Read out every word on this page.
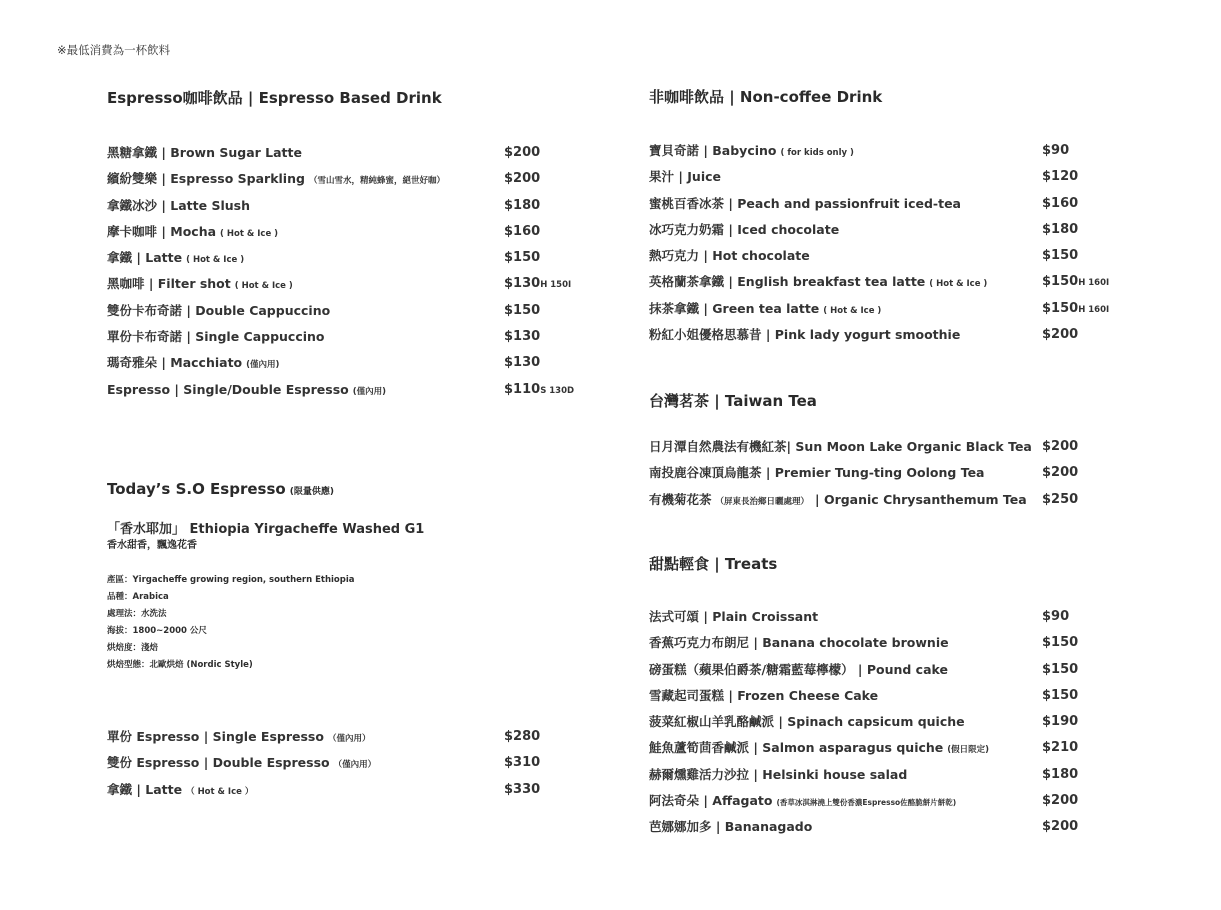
※最低消費為一杯飲料
Espresso咖啡飲品 | Espresso Based Drink
黑糖拿鐵 | Brown Sugar Latte	$200
繽紛雙樂 | Espresso Sparkling （雪山雪水，精純蜂蜜，絕世好咖）	$200
拿鐵冰沙 | Latte Slush	$180
摩卡咖啡 | Mocha ( Hot & Ice )	$160
拿鐵 | Latte ( Hot & Ice )	$150
黑咖啡 | Filter shot ( Hot & Ice )	$130H 150I
雙份卡布奇諾 | Double Cappuccino	$150
單份卡布奇諾 | Single Cappuccino	$130
瑪奇雅朵 | Macchiato (僅內用)	$130
Espresso | Single/Double Espresso (僅內用)	$110S 130D
Today’s S.O Espresso (限量供應)
「香水耶加」 Ethiopia Yirgacheffe Washed G1
香水甜香，飄逸花香
產區：Yirgacheffe growing region, southern Ethiopia
品種：Arabica
處理法：水洗法
海拔：1800~2000 公尺
烘焙度：淺焙
烘焙型態：北歐烘焙 (Nordic Style)
單份 Espresso | Single Espresso （僅內用）	$280
雙份 Espresso | Double Espresso （僅內用）	$310
拿鐵 | Latte （ Hot & Ice ）	$330
非咖啡飲品 | Non-coffee Drink
寶貝奇諾 | Babycino ( for kids only )	$90
果汁 | Juice	$120
蜜桃百香冰茶 | Peach and passionfruit iced-tea	$160
冰巧克力奶霜 | Iced chocolate	$180
熱巧克力 | Hot chocolate	$150
英格蘭茶拿鐵 | English breakfast tea latte ( Hot & Ice )	$150H 160I
抹茶拿鐵 | Green tea latte ( Hot & Ice )	$150H 160I
粉紅小姐優格思慕昔 | Pink lady yogurt smoothie	$200
台灣茗茶 | Taiwan Tea
日月潭自然農法有機紅茶| Sun Moon Lake Organic Black Tea $200
南投鹿谷凍頂烏龍茶 | Premier Tung-ting Oolong Tea	$200
有機菊花茶 （屏東長治鄉日曬處理） | Organic Chrysanthemum Tea $250
甜點輕食 | Treats
法式可頌 | Plain Croissant	$90
香蕉巧克力布朗尼 | Banana chocolate brownie	$150
磅蛋糕（蘋果伯爵茶/糖霜藍莓檸檬） | Pound cake	$150
雪藏起司蛋糕 | Frozen Cheese Cake	$150
菠菜紅椒山羊乳酪鹹派 | Spinach capsicum quiche	$190
鮭魚蘆筍茴香鹹派 | Salmon asparagus quiche (假日限定)	$210
赫爾燻雞活力沙拉 | Helsinki house salad	$180
阿法奇朵 | Affagato (香草冰淇淋澆上雙份香濃Espresso佐酪脆餅片餅乾)	$200
芭娜娜加多 | Bananagado	$200
